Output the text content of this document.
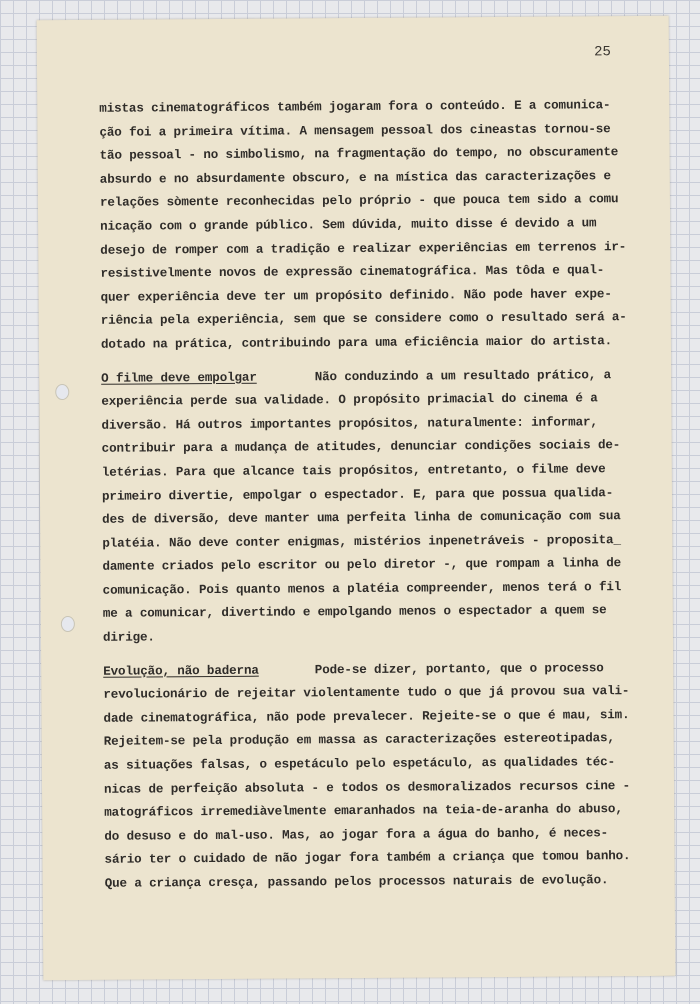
25
mistas cinematográficos também jogaram fora o conteúdo. E a comunica-
ção foi a primeira vítima. A mensagem pessoal dos cineastas tornou-se
tão pessoal - no simbolismo, na fragmentação do tempo, no obscuramente
absurdo e no absurdamente obscuro, e na mística das caracterizações e
relações sòmente reconhecidas pelo próprio - que pouca tem sido a comu
nicação com o grande público. Sem dúvida, muito disse é devido a um
desejo de romper com a tradição e realizar experiências em terrenos ir-
resistivelmente novos de expressão cinematográfica. Mas tôda e qual-
quer experiência deve ter um propósito definido. Não pode haver expe-
riência pela experiência, sem que se considere como o resultado será a-
dotado na prática, contribuindo para uma eficiência maior do artista.
O filme deve empolgar	Não conduzindo a um resultado prático, a
experiência perde sua validade. O propósito primacial do cinema é a
diversão. Há outros importantes propósitos, naturalmente: informar,
contribuir para a mudança de atitudes, denunciar condições sociais de-
letérias. Para que alcance tais propósitos, entretanto, o filme deve
primeiro divertie, empolgar o espectador. E, para que possua qualida-
des de diversão, deve manter uma perfeita linha de comunicação com sua
platéia. Não deve conter enigmas, mistérios inpenetráveis - proposita_
damente criados pelo escritor ou pelo diretor -, que rompam a linha de
comunicação. Pois quanto menos a platéia compreender, menos terá o fil
me a comunicar, divertindo e empolgando menos o espectador a quem se
dirige.
Evolução, não baderna	Pode-se dizer, portanto, que o processo
revolucionário de rejeitar violentamente tudo o que já provou sua vali-
dade cinematográfica, não pode prevalecer. Rejeite-se o que é mau, sim.
Rejeitem-se pela produção em massa as caracterizações estereotipadas,
as situações falsas, o espetáculo pelo espetáculo, as qualidades téc-
nicas de perfeição absoluta - e todos os desmoralizados recursos cine -
matográficos irremediàvelmente emaranhados na teia-de-aranha do abuso,
do desuso e do mal-uso. Mas, ao jogar fora a água do banho, é neces-
sário ter o cuidado de não jogar fora também a criança que tomou banho.
Que a criança cresça, passando pelos processos naturais de evolução.
